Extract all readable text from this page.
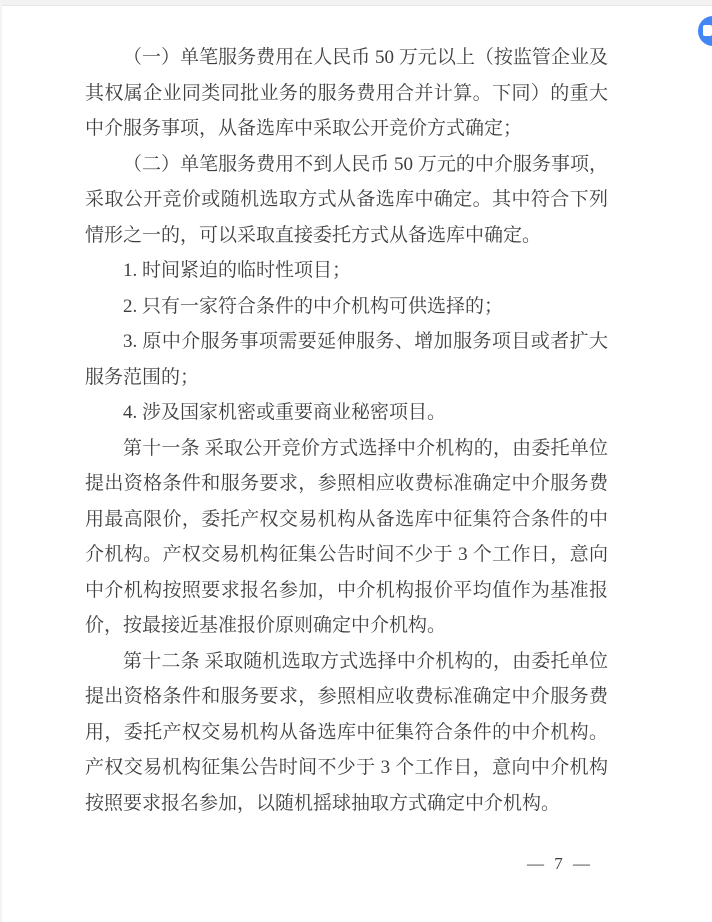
（一）单笔服务费用在人民币 50 万元以上（按监管企业及其权属企业同类同批业务的服务费用合并计算。下同）的重大中介服务事项，从备选库中采取公开竞价方式确定；

（二）单笔服务费用不到人民币 50 万元的中介服务事项，采取公开竞价或随机选取方式从备选库中确定。其中符合下列情形之一的，可以采取直接委托方式从备选库中确定。

1. 时间紧迫的临时性项目；

2. 只有一家符合条件的中介机构可供选择的；

3. 原中介服务事项需要延伸服务、增加服务项目或者扩大服务范围的；

4. 涉及国家机密或重要商业秘密项目。

第十一条 采取公开竞价方式选择中介机构的，由委托单位提出资格条件和服务要求，参照相应收费标准确定中介服务费用最高限价，委托产权交易机构从备选库中征集符合条件的中介机构。产权交易机构征集公告时间不少于 3 个工作日，意向中介机构按照要求报名参加，中介机构报价平均值作为基准报价，按最接近基准报价原则确定中介机构。

第十二条 采取随机选取方式选择中介机构的，由委托单位提出资格条件和服务要求，参照相应收费标准确定中介服务费用，委托产权交易机构从备选库中征集符合条件的中介机构。产权交易机构征集公告时间不少于 3 个工作日，意向中介机构按照要求报名参加，以随机摇球抽取方式确定中介机构。

— 7 —
